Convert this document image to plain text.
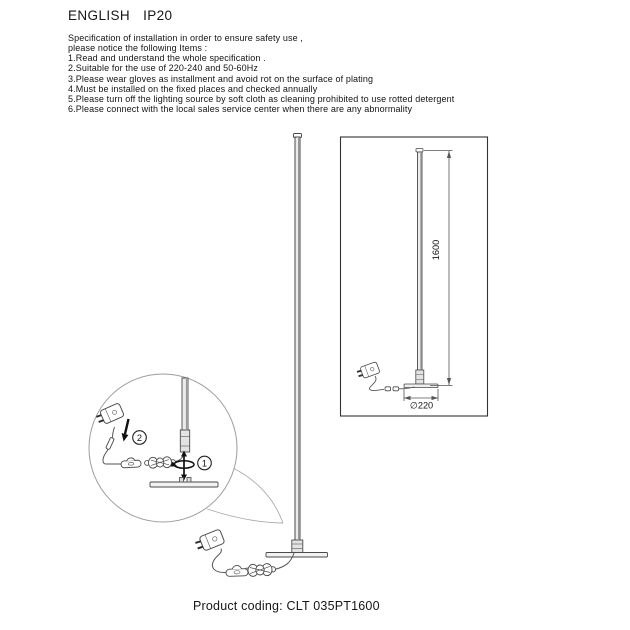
ENGLISH IP20
Specification of installation in order to ensure safety use ,
please notice the following Items :
1.Read and understand the whole specification .
2.Suitable for the use of 220-240 and 50-60Hz
3.Please wear gloves as installment and avoid rot on the surface of plating
4.Must be installed on the fixed places and checked annually
5.Please turn off the lighting source by soft cloth as cleaning prohibited to use rotted detergent
6.Please connect with the local sales service center when there are any abnormality
2
1
1600
∅220
Product coding: CLT 035PT1600
